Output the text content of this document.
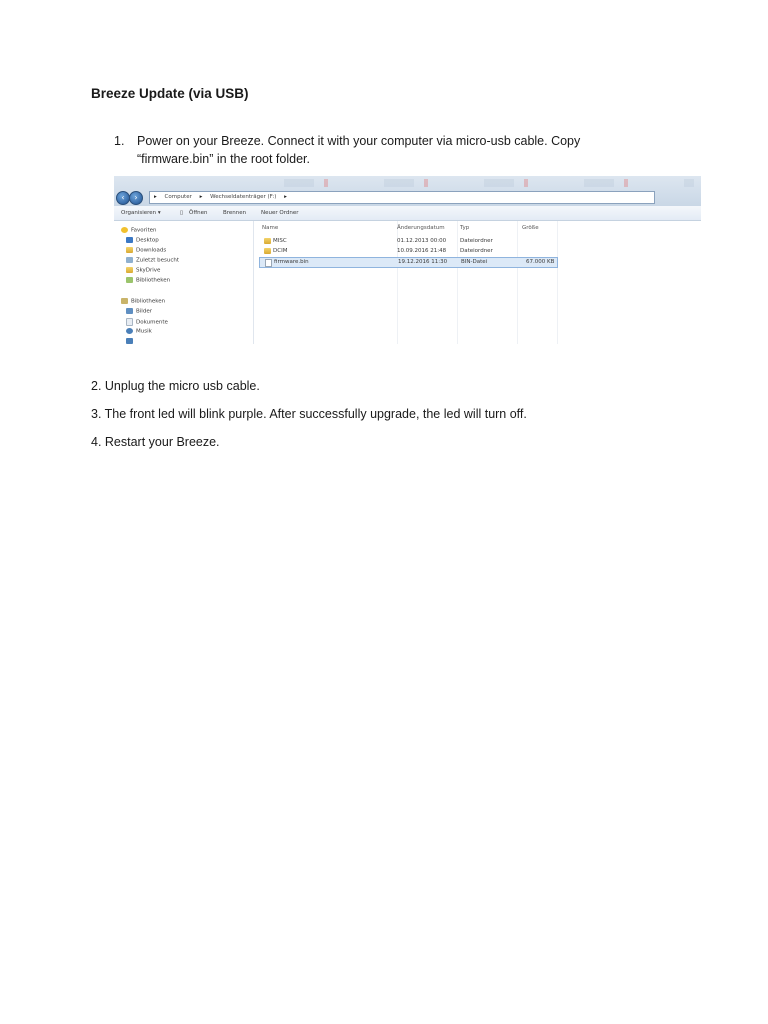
Breeze Update (via USB)
1. Power on your Breeze. Connect it with your computer via micro-usb cable. Copy “firmware.bin” in the root folder.
‹	›	▸ Computer ▸ Wechseldatenträger (F:) ▸
Organisieren ▾	▯ Öffnen	Brennen	Neuer Ordner
Favoriten
Desktop
Downloads
Zuletzt besucht
SkyDrive
Bibliotheken
Bibliotheken
Bilder
Dokumente
Musik
Name	Änderungsdatum	Typ	Größe
MISC	01.12.2013 00:00	Dateiordner
DCIM	10.09.2016 21:48	Dateiordner
firmware.bin	19.12.2016 11:30	BIN-Datei	67.000 KB

2. Unplug the micro usb cable.

3. The front led will blink purple. After successfully upgrade, the led will turn off.

4. Restart your Breeze.
